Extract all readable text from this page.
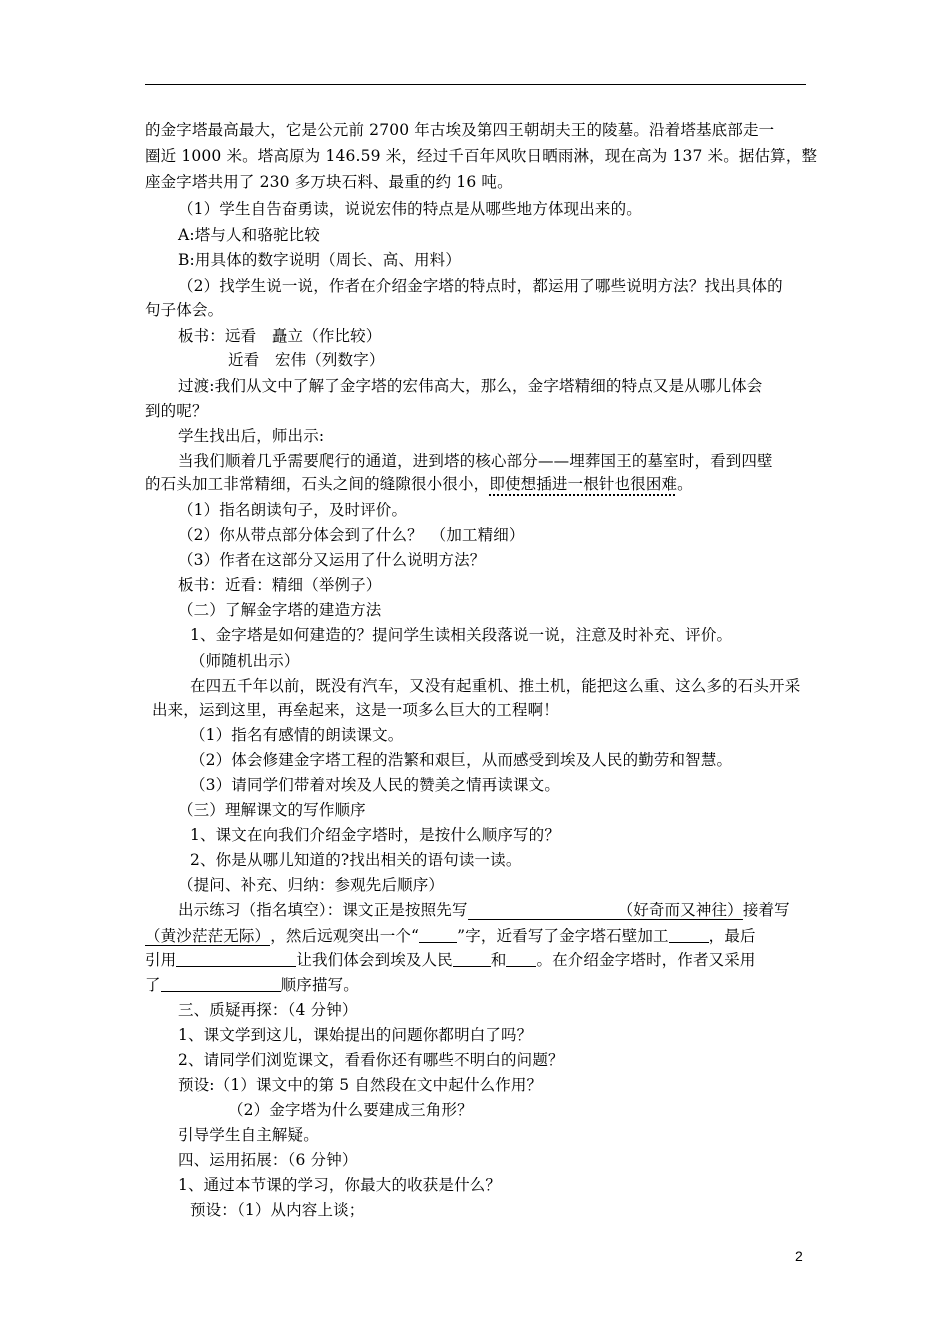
的金字塔最高最大，它是公元前 2700 年古埃及第四王朝胡夫王的陵墓。沿着塔基底部走一
圈近 1000 米。塔高原为 146.59 米，经过千百年风吹日晒雨淋，现在高为 137 米。据估算，整
座金字塔共用了 230 多万块石料、最重的约 16 吨。
（1）学生自告奋勇读，说说宏伟的特点是从哪些地方体现出来的。
A:塔与人和骆驼比较
B:用具体的数字说明（周长、高、用料）
（2）找学生说一说，作者在介绍金字塔的特点时，都运用了哪些说明方法？找出具体的
句子体会。
板书：远看　矗立（作比较）
近看　宏伟（列数字）
过渡:我们从文中了解了金字塔的宏伟高大，那么，金字塔精细的特点又是从哪儿体会
到的呢？
学生找出后，师出示:
当我们顺着几乎需要爬行的通道，进到塔的核心部分——埋葬国王的墓室时，看到四壁
的石头加工非常精细，石头之间的缝隙很小很小，即使想插进一根针也很困难。
（1）指名朗读句子，及时评价。
（2）你从带点部分体会到了什么？　（加工精细）
（3）作者在这部分又运用了什么说明方法？
板书：近看：精细（举例子）
（二）了解金字塔的建造方法
1、金字塔是如何建造的？提问学生读相关段落说一说，注意及时补充、评价。
（师随机出示）
在四五千年以前，既没有汽车，又没有起重机、推土机，能把这么重、这么多的石头开采
出来，运到这里，再垒起来，这是一项多么巨大的工程啊！
（1）指名有感情的朗读课文。
（2）体会修建金字塔工程的浩繁和艰巨，从而感受到埃及人民的勤劳和智慧。
（3）请同学们带着对埃及人民的赞美之情再读课文。
（三）理解课文的写作顺序
1、课文在向我们介绍金字塔时，是按什么顺序写的？
2、你是从哪儿知道的?找出相关的语句读一读。
（提问、补充、归纳：参观先后顺序）
出示练习（指名填空）：课文正是按照先写	（好奇而又神往）接着写
（黄沙茫茫无际），然后远观突出一个“ ”字，近看写了金字塔石壁加工	，最后
引用	让我们体会到埃及人民 和 。在介绍金字塔时，作者又采用
了	顺序描写。
三、质疑再探：（4 分钟）
1、课文学到这儿，课始提出的问题你都明白了吗？
2、请同学们浏览课文，看看你还有哪些不明白的问题？
预设:（1）课文中的第 5 自然段在文中起什么作用？
（2）金字塔为什么要建成三角形？
引导学生自主解疑。
四、运用拓展：（6 分钟）
1、通过本节课的学习，你最大的收获是什么？
预设：（1）从内容上谈；
2
